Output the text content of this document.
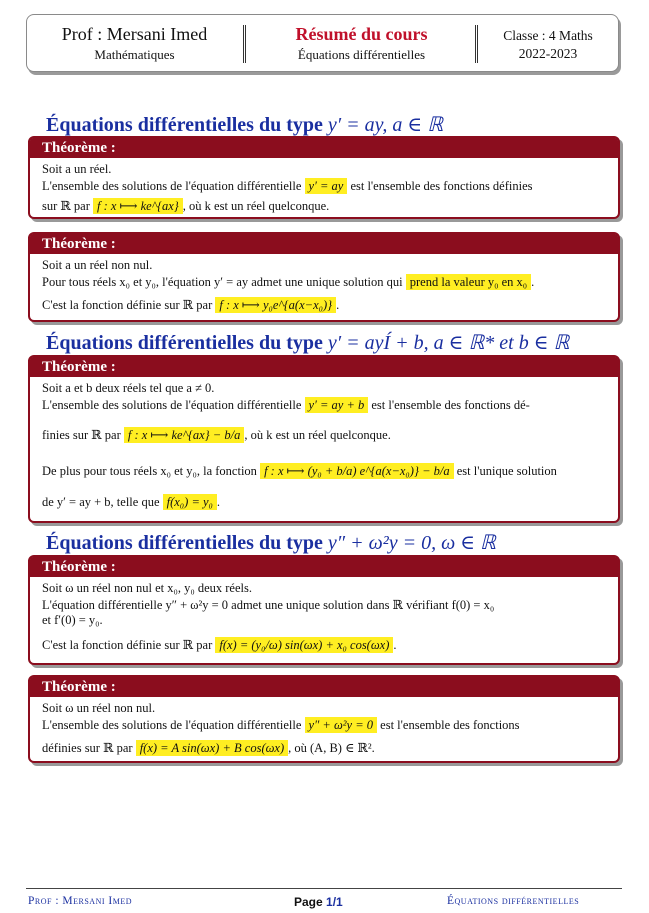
Prof : Mersani Imed
Mathématiques
Résumé du cours
Équations différentielles
Classe : 4 Maths
2022-2023
Équations différentielles du type y′ = ay, a ∈ ℝ
Théorème :
Soit a un réel.
L'ensemble des solutions de l'équation différentielle y′ = ay est l'ensemble des fonctions définies
sur ℝ par f : x ⟼ ke^{ax} , où k est un réel quelconque.
Théorème :
Soit a un réel non nul.
Pour tous réels x₀ et y₀, l'équation y′ = ay admet une unique solution qui prend la valeur y₀ en x₀ .
C'est la fonction définie sur ℝ par f : x ⟼ y₀e^{a(x−x₀)} .
Équations différentielles du type y′ = ayÍ + b, a ∈ ℝ* et b ∈ ℝ
Théorème :
Soit a et b deux réels tel que a ≠ 0.
L'ensemble des solutions de l'équation différentielle y′ = ay + b est l'ensemble des fonctions dé-
finies sur ℝ par f : x ⟼ ke^{ax} − b/a , où k est un réel quelconque.
De plus pour tous réels x₀ et y₀, la fonction f : x ⟼ (y₀ + b/a) e^{a(x−x₀)} − b/a est l'unique solution
de y′ = ay + b, telle que f(x₀) = y₀ .
Équations différentielles du type y″ + ω²y = 0, ω ∈ ℝ
Théorème :
Soit ω un réel non nul et x₀, y₀ deux réels.
L'équation différentielle y″ + ω²y = 0 admet une unique solution dans ℝ vérifiant f(0) = x₀
et f′(0) = y₀.
C'est la fonction définie sur ℝ par f(x) = (y₀/ω) sin(ωx) + x₀ cos(ωx) .
Théorème :
Soit ω un réel non nul.
L'ensemble des solutions de l'équation différentielle y″ + ω²y = 0 est l'ensemble des fonctions
définies sur ℝ par f(x) = A sin(ωx) + B cos(ωx) , où (A, B) ∈ ℝ².
Prof : Mersani Imed	Page 1/1	Équations différentielles
